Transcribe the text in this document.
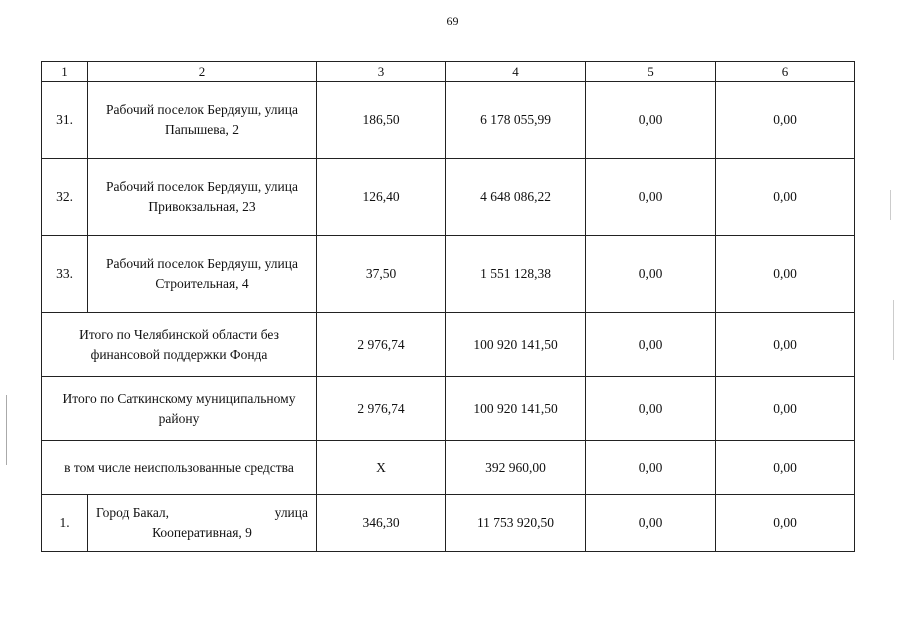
69
1	2	3	4	5	6
31.	Рабочий поселок Бердяуш, улица
Папышева, 2	186,50	6 178 055,99	0,00	0,00
32.	Рабочий поселок Бердяуш, улица
Привокзальная, 23	126,40	4 648 086,22	0,00	0,00
33.	Рабочий поселок Бердяуш, улица
Строительная, 4	37,50	1 551 128,38	0,00	0,00
Итого по Челябинской области без
финансовой поддержки Фонда		2 976,74	100 920 141,50	0,00	0,00
Итого по Саткинскому муниципальному
району		2 976,74	100 920 141,50	0,00	0,00
в том числе неиспользованные средства		X	392 960,00	0,00	0,00
1.	Город Бакал, улица
Кооперативная, 9	346,30	11 753 920,50	0,00	0,00
